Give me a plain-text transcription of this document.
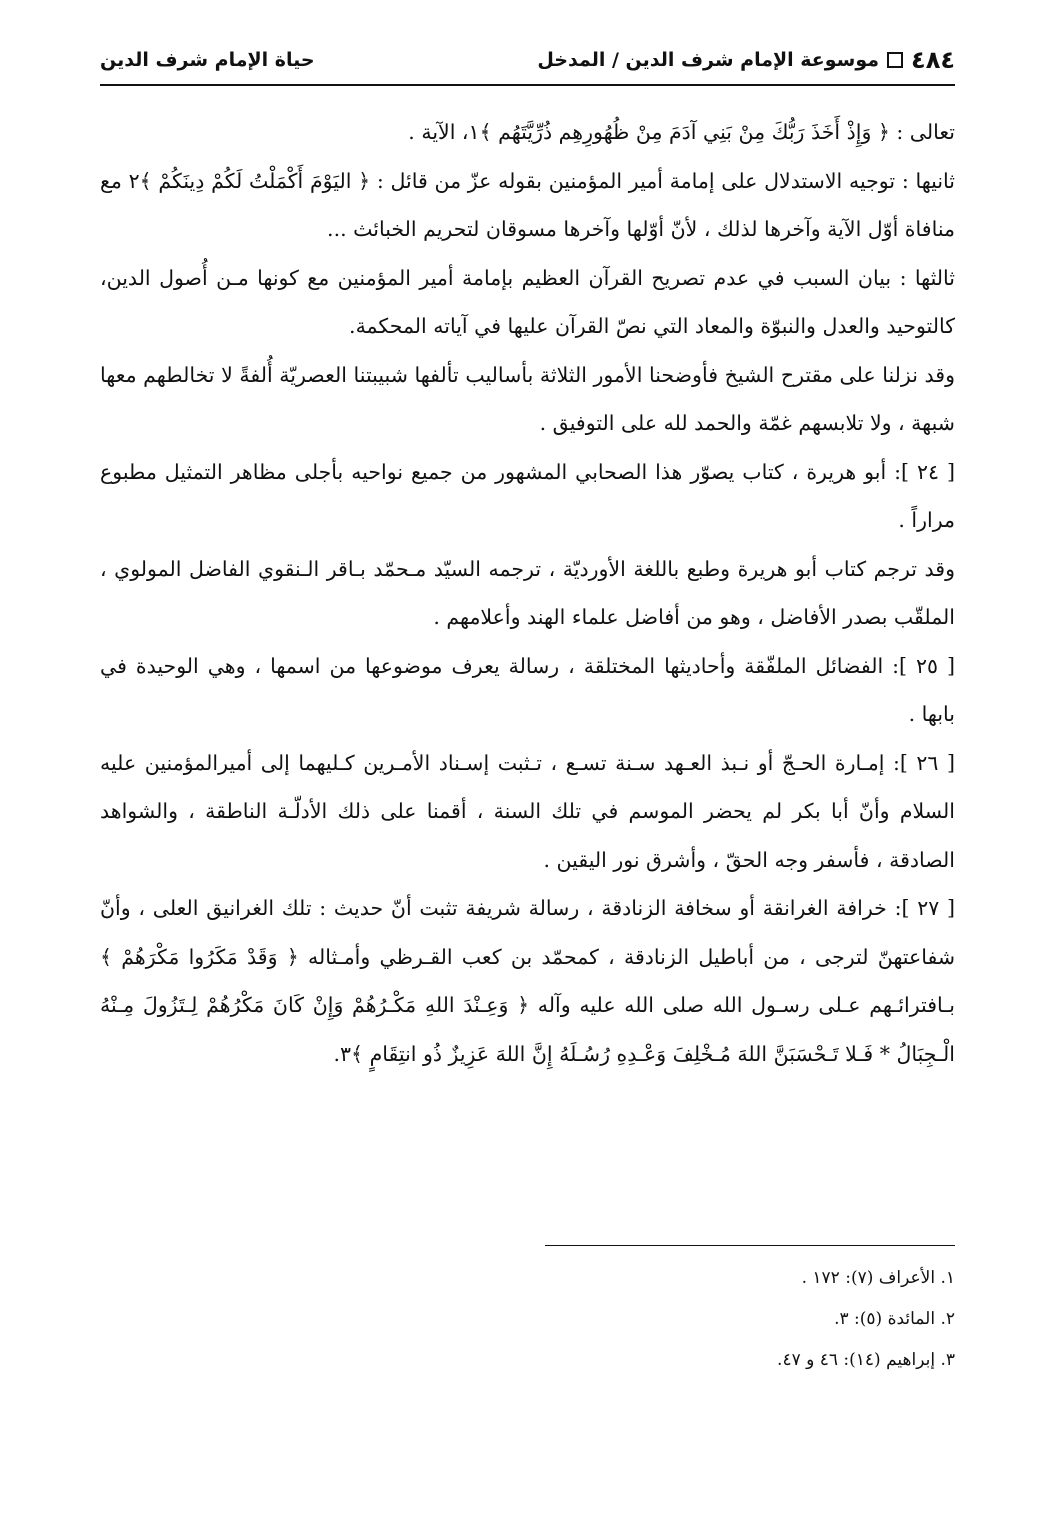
٤٨٤
موسوعة الإمام شرف الدين / المدخل
حياة الإمام شرف الدين

تعالى : ﴿ وَإِذْ أَخَذَ رَبُّكَ مِنْ بَنِي آدَمَ مِنْ ظُهُورِهِم ذُرِّيَّتَهُم ﴾١، الآية .

ثانيها : توجيه الاستدلال على إمامة أمير المؤمنين بقوله عزّ من قائل : ﴿ اليَوْمَ أَكْمَلْتُ لَكُمْ دِينَكُمْ ﴾٢ مع منافاة أوّل الآية وآخرها لذلك ، لأنّ أوّلها وآخرها مسوقان لتحريم الخبائث ...

ثالثها : بيان السبب في عدم تصريح القرآن العظيم بإمامة أمير المؤمنين مع كونها مـن أُصول الدين، كالتوحيد والعدل والنبوّة والمعاد التي نصّ القرآن عليها في آياته المحكمة.

وقد نزلنا على مقترح الشيخ فأوضحنا الأمور الثلاثة بأساليب تألفها شبيبتنا العصريّة أُلفةً لا تخالطهم معها شبهة ، ولا تلابسهم غمّة والحمد لله على التوفيق .

[ ٢٤ ]: أبو هريرة ، كتاب يصوّر هذا الصحابي المشهور من جميع نواحيه بأجلى مظاهر التمثيل مطبوع مراراً .

وقد ترجم كتاب أبو هريرة وطبع باللغة الأورديّة ، ترجمه السيّد مـحمّد بـاقر الـنقوي الفاضل المولوي ، الملقّب بصدر الأفاضل ، وهو من أفاضل علماء الهند وأعلامهم .

[ ٢٥ ]: الفضائل الملفّقة وأحاديثها المختلقة ، رسالة يعرف موضوعها من اسمها ، وهي الوحيدة في بابها .

[ ٢٦ ]: إمـارة الحـجّ أو نـبذ العـهد سـنة تسـع ، تـثبت إسـناد الأمـرين كـليهما إلى أميرالمؤمنين عليه السلام وأنّ أبا بكر لم يحضر الموسم في تلك السنة ، أقمنا على ذلك الأدلّـة الناطقة ، والشواهد الصادقة ، فأسفر وجه الحقّ ، وأشرق نور اليقين .

[ ٢٧ ]: خرافة الغرانقة أو سخافة الزنادقة ، رسالة شريفة تثبت أنّ حديث : تلك الغرانيق العلى ، وأنّ شفاعتهنّ لترجى ، من أباطيل الزنادقة ، كمحمّد بن كعب القـرظي وأمـثاله ﴿ وَقَدْ مَكَرُوا مَكْرَهُمْ ﴾ بـافترائـهم عـلى رسـول الله صلى الله عليه وآله ﴿ وَعِـنْدَ اللهِ مَكْـرُهُمْ وَإِنْ كَانَ مَكْرُهُمْ لِـتَزُولَ مِـنْهُ الْـجِبَالُ * فَـلا تَـحْسَبَنَّ اللهَ مُـخْلِفَ وَعْـدِهِ رُسُـلَهُ إِنَّ اللهَ عَزِيزٌ ذُو انتِقَامٍ ﴾٣.

١. الأعراف (٧): ١٧٢ .
٢. المائدة (٥): ٣.
٣. إبراهيم (١٤): ٤٦ و ٤٧.
